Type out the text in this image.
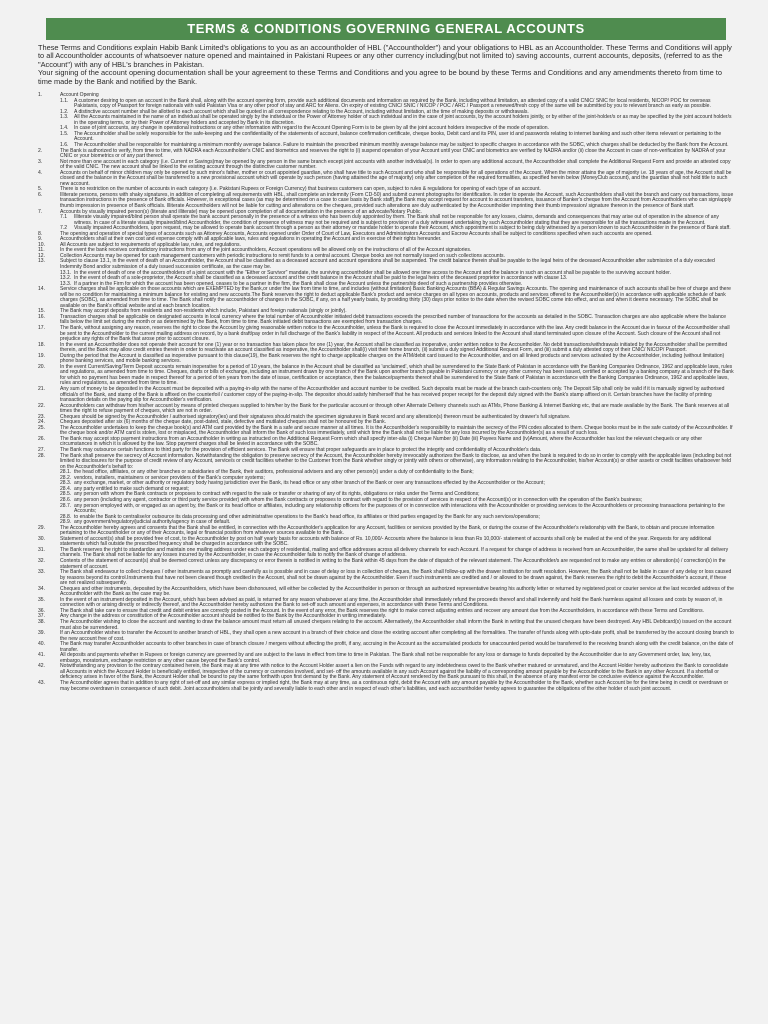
TERMS & CONDITIONS GOVERNING GENERAL ACCOUNTS

These Terms and Conditions explain Habib Bank Limited's obligations to you as an accountholder of HBL ("Accountholder") and your obligations to HBL as an Accountholder. These Terms and Conditions will apply to all Accountholder accounts of whatsoever nature opened and maintained in Pakistani Rupees or any other currency including(but not limited to) saving accounts, current accounts, deposits, (referred to as the "Account") with any of HBL's branches in Pakistan.

Your signing of the account opening documentation shall be your agreement to these Terms and Conditions and you agree to be bound by these Terms and Conditions and any amendments thereto from time to time made by the Bank and notified by the Bank.

1.	Account Opening
1.1. A customer desiring to open an account in the Bank shall, along with the account opening form, provide such additional documents and information as required by the Bank, including without limitation, an attested copy of a valid CNIC/ SNIC for local residents, NICOP/ POC for overseas Pakistanis, copy of Passport for foreign nationals with valid Pakistan Visa or any other proof of stay and ARC for Aliens. On expiry of existing CNIC/ SNIC / NICOP / POC / ARC / Passport a renewed/fresh copy of the same will be submitted by you to relevant branch as early as possible.
1.2. A distinctive account number shall be allotted to each account which shall be quoted in all correspondence relating to the Account, including without limitation, at the time of making deposits or withdrawals.
1.3. All the Accounts maintained in the name of an individual shall be operated singly by the individual or the Power of Attorney holder of such individual and in the case of joint accounts, by the account holders jointly, or by either of the joint-holder/s or as may be specified by the joint account holder/s in the operating terms, or by their Power of Attorney holders and accepted by Bank in its discretion.
1.4. In case of joint accounts, any change in operational instructions or any other information with regard to the Account Opening Form is to be given by all the joint account holders irrespective of the mode of operation.
1.5. The Accountholder shall be solely responsible for the safe-keeping and the confidentiality of the statements of account, balance confirmation certificate, cheque books, Debit card and its PIN, user id and passwords relating to internet banking and such other items relevant or pertaining to the Account.
1.6. The Accountholder shall be responsible for maintaining a minimum monthly average balance. Failure to maintain the prescribed minimum monthly average balance may be subject to specific charges in accordance with the SOBC, which charges shall be deducted by the Bank from the Account.
2.	The Bank is authorized to verify, from time to time, with NADRA each Accountholder's CNIC and biometrics and reserves the right to (i) suspend operation of your Account until your CNIC and biometrics are verified by NADRA and/or (ii) close the Account in case of non-verification by NADRA of your CNIC or your biometrics or of any part thereof.
3.	Not more than one account in each category (i.e. Current or Savings)may be opened by any person in the same branch except joint accounts with another individual(s). In order to open any additional account, the Accountholder shall complete the Additional Request Form and provide an attested copy of the valid CNIC. The new account shall be linked to the existing account through the distinctive customer number.
4.	Accounts on behalf of minor children may only be opened by such minor's father, mother or court appointed guardian, who shall have title to such Account and who shall be responsible for all operations of the Account. When the minor attains the age of majority i.e. 18 years of age, the Account shall be closed and the balance in the Account shall be transferred to a new provisional account which will operate by such person (having attained the age of majority) only after completion of the required formalities, as specified herein below (MoneyClub account), and the guardian shall not hold title to such new account.
5.	There is no restriction on the number of accounts in each category (i.e. Pakistani Rupees or Foreign Currency) that business customers can open, subject to rules & regulations for opening of each type of an account.
6.	Illiterate persons, persons with shaky signatures, in addition of completing all requirements with HBL, shall complete an indemnity (Form CD-50) and submit current photographs for identification. In order to operate the Account, such Accountholders shall visit the branch and carry out transactions, issue transaction instructions in the presence of Bank officials. However, in exceptional cases (as may be determined on a case to case basis by Bank staff),the Bank may accept request for account to account transfers, issuance of Banker's cheque from the Account from Accountholders who can sign/apply thumb impression in presence of Bank officials. Illiterate Accountholders will not be liable for cutting and alterations on the cheques, provided such alterations are duly authenticated by the Accountholder imprinting their thumb impression/ signature thereon in the presence of Bank staff.
7.	Accounts by visually impaired person(s) (literate and illiterate) may be opened upon completion of all documentation in the presence of an advocate/Notary Public.
7.1 Illiterate visually impaired/blind person shall operate the bank account personally in the presence of a witness who has been duly appointed by them. The Bank shall not be responsible for any losses, claims, demands and consequences that may arise out of operation in the absence of any witness. In case of a literate visually impaired/blind Accountholder, the condition of presence of witness may not be required and is subject to provision of a duly witnessed undertaking by such Accountholder stating that they are responsible for all the transactions made in the Account.
7.2 Visually impaired Accountholders, upon request, may be allowed to operate bank account through a person as their attorney or mandate holder to operate their Account, which appointment is subject to being duly witnessed by a person known to such Accountholder in the presence of Bank staff.
8.	The opening and operation of special types of accounts such as Attorney Accounts, Accounts opened under Order of Court of Law, Executors and Administrators Accounts and Escrow Accounts shall be subject to conditions specified when such accounts are opened.
9.	Accountholders shall at their own cost and expense comply with all applicable laws, rules and regulations in operating the Account and in exercise of their rights hereunder.
10.	All Accounts are subject to requirements of applicable law, rules, and regulations.
11.	In the event the bank receives contradictory instructions from any of the joint accountholders, Account operations will be allowed only on the instructions of all of the Account signatories.
12.	Collection Accounts may be opened for cash management customers with periodic instructions to remit funds to a central account. Cheque books are not normally issued on such collections accounts.
13.	Subject to clause 13.1, in the event of death of an Accountholder, the Account shall be classified as a deceased account and account operations shall be suspended. The credit balance therein shall be payable to the legal heirs of the deceased Accountholder after submission of a duly executed Indemnity Bond and/or submission of a duly issued succession certificate, as the case may be.
13.1. In the event of death of one of the accountholders of a joint account with the "Either or Survivor" mandate, the surviving accountholder shall be allowed one time access to the Account and the balance in such an account shall be payable to the surviving account holder.
13.2. In the event of death of a sole-proprietor, the Account shall be classified as a deceased account and the credit balance in the Account shall be paid to the legal heirs of the deceased proprietor in accordance with clause 13.
13.3. If a partner in the Firm for which the account has been opened, ceases to be a partner in the firm, the Bank shall close the Account unless the partnership deed of such a partnership provides otherwise.
14.	Service charges shall be applicable on those accounts which are EXEMPTED by the Bank,or under the law from time to time, and includes (without limitation) Basic Banking Accounts (BBA) & Regular Savings Accounts. The opening and maintenance of such accounts shall be free of charge and there will be no condition for maintaining a minimum balance for existing and new accounts.The Bank reserves the right to deduct applicable Bank's product and service charges on all types on accounts, products and services offered to the Accountholder(s) in accordance with applicable schedule of bank charges (SOBC), as amended from time to time. The Bank shall notify the accountholder of changes in the SOBC, if any, on a half yearly basis, by providing thirty (30) days prior notice to the date when the revised SOBC come into effect, and as and when it deems necessary. The SOBC shall be available on the Bank's official website and at each branch location.
15.	The Bank may accept deposits from residents and non-residents which include, Pakistani and foreign nationals (singly or jointly).
16.	Transaction charges shall be applicable on designated accounts in local currency where the total number of Accountholder initiated debit transactions exceeds the prescribed number of transactions for the accounts as detailed in the SOBC. Transaction charges are also applicable where the balance falls below the limit set during the month or as determined by the Bank, from time to time. Bank initiated debit transactions are exempted from transaction charges.
17.	The Bank, without assigning any reason, reserves the right to close the Account by giving reasonable written notice to the Accountholder, unless the Bank is required to close the Account immediately in accordance with the law. Any credit balance in the Account due in favour of the Accountholder shall be sent to the Accountholder to the current mailing address on record, by a bank draft/pay order in full discharge of the Bank's liability in respect of the Account. All products and services linked to the Account shall stand terminated upon closure of the Account. Such closure of the Account shall not prejudice any rights of the Bank that arose prior to account closure.
18.	In the event an Accountholder does not operate their account for one (1) year or no transaction has taken place for one (1) year, the Account shall be classified as inoperative, under written notice to the Accountholder. No debit transactions/withdrawals initiated by the Accountholder shall be permitted therein, and the Bank may allow credit entries therein in order to reactivate an account classified as inoperative, the Accountholder shall(i) visit their home branch, (ii) submit a duly signed Additional Request Form, and (iii) submit a duly attested copy of their CNIC/ NICOP/ Passport.
19.	During the period that the Account is classified as inoperative pursuant to this clause(19), the Bank reserves the right to charge applicable charges on the ATM/debit card issued to the Accountholder, and on all linked products and services activated by the Accountholder, including (without limitation) phone banking services, and mobile banking services.
20.	In the event Current/Saving/Term Deposit accounts remain inoperative for a period of 10 years, the balance in the Account shall be classified as 'unclaimed', which shall be surrendered to the State Bank of Pakistan in accordance with the Banking Companies Ordinance, 1962 and applicable laws, rules and regulations, as amended from time to time. Cheques, drafts or bills of exchange, including an instrument drawn by one branch of the Bank upon another branch payable in Pakistani currency or any other currency has been issued, certified or accepted by a banking company at a branch of the Bank for which no payment has been made in respect thereof for a period of ten years from the date of issue, certification or acceptance, then the balance/payments thereof shall be surrendered to the State Bank of Pakistan in accordance with the Banking Companies Ordinance, 1962 and applicable laws, rules and regulations, as amended from time to time.
21.	Any sum of money to be deposited in the Account must be deposited with a paying-in-slip with the name of the Accountholder and account number to be credited. Such deposits must be made at the branch cash-counters only. The Deposit Slip shall only be valid if it is manually signed by authorised official/s of the Bank, and stamp of the Bank is affixed on the counterfoil / customer copy of the paying-in-slip. The depositor should satisfy him/herself that he has received proper receipt for the deposit duly signed with the Bank's stamp affixed on it. Certain branches have the facility of printing transaction details on the paying slip for Accountholder's verification.
22.	Accountholders can withdraw from his/her account by means of printed cheques supplied to him/her by the Bank for the particular account or through other Alternate Delivery channels such as ATMs, Phone Banking & Internet Banking etc, that are made available by the Bank. The Bank reserves at all times the right to refuse payment of cheques, which are not in order.
23.	Cheques should be signed by the Accountholder / authorised signatory(ies) and their signatures should match the specimen signatures in Bank record and any alteration(s) thereon must be authenticated by drawer's full signature.
24.	Cheques deposited after six (6) months of the cheque date, post-dated, stale, defective and mutilated cheques shall not be honoured by the Bank.
25.	The Accountholder undertakes to keep the cheque book(s) and ATM card provided by the Bank in a safe and secure manner at all times. It is the Accountholder's responsibility to maintain the secrecy of the PIN codes allocated to them. Cheque books must be in the safe custody of the Accountholder. If the cheque book and/or ATM card is stolen, lost or misplaced, the Accountholder shall inform the Bank of such loss immediately, until which time the Bank shall not be liable for any loss incurred by the Accountholder(s) as a result of such loss.
26.	The Bank may accept stop payment instructions from an Accountholder in writing as instructed on the Additional Request Form which shall specify inter-alia (i) Cheque Number (ii) Date (iii) Payees Name and (iv)Amount, where the Accountholder has lost the relevant cheque/s or any other circumstances in which it is allowed by the law. Stop payment charges shall be levied in accordance with the SOBC.
27.	The Bank may outsource certain functions to third party for the provision of efficient services. The Bank will ensure that proper safeguards are in place to protect the integrity and confidentiality of Accountholder's data.
28.	The Bank shall preserve the secrecy of Account information. Notwithstanding the obligation to preserve secrecy of the Account, the Accountholder hereby irrevocably authorizes the Bank to disclose, as and when the bank is required to do so in order to comply with the applicable laws (including but not limited to disclosures for the purpose of credit review of any Account, service/s or credit facilities whether to the Customer from the Bank whether singly or jointly with others or otherwise), any information relating to the Accountholder, his/her Account(s) or other assets or credit facilities whatsoever held on the Accountholder's behalf to:
28.1. the head office, affiliates, or any other branches or subsidiaries of the Bank, their auditors, professional advisers and any other person(s) under a duty of confidentiality to the Bank;
28.2. vendors, installers, maintainers or servicer providers of the Bank's computer systems;
28.3. any exchange, market, or other authority or regulatory body having jurisdiction over the Bank, its head office or any other branch of the Bank or over any transactions effected by the Accountholder or the Account;
28.4. any party entitled to make such demand or request;
28.5. any person with whom the Bank contracts or proposes to contract with regard to the sale or transfer or sharing of any of its rights, obligations or risks under the Terms and Conditions;
28.6. any person (including any agent, contractor or third party service provider) with whom the Bank contracts or proposes to contract with regard to the provision of services in respect of the Account(s) or in connection with the operation of the Bank's business;
28.7. any person employed with, or engaged as an agent by, the Bank or its head office or affiliates, including any relationship officers for the purposes of or in connection with interactions with the Accountholder or providing services to the Accountholders or processing transactions pertaining to the Accounts;
28.8. to enable the Bank to centralise/or outsource its data processing and other administrative operations to the Bank's head office, its affiliates or third parties engaged by the Bank for any such services/operations;
28.9. any government/regulatory/judicial authority/agency in case of default.
29.	The Accountholder hereby agrees and consents that the Bank shall be entitled, in connection with the Accountholder's application for any Account, facilities or services provided by the Bank, or during the course of the Accountholder's relationship with the Bank, to obtain and procure information pertaining to the Accountholder or any of their Accounts, legal or financial position from whatever sources available to the Bank.
30.	Statement of account(s) shall be provided free of cost, to the Accountholder by post on half yearly basis for accounts with balance of Rs. 10,000/- Accounts where the balance is less than Rs 10,000/- statement of accounts shall only be mailed at the end of the year. Requests for any additional statements which fall outside the prescribed frequency shall be charged in accordance with the SOBC.
31.	The Bank reserves the right to standardize and maintain one mailing address under each category of residential, mailing and office addresses across all delivery channels for each Account. If a request for change of address is received from an Accountholder, the same shall be updated for all delivery channels. The Bank shall not be liable for any losses incurred by the Accountholder, in case the Accountholder fails to notify the Bank of change of address.
32.	Contents of the statement of account(s) shall be deemed correct unless any discrepancy or error therein is notified in writing to the Bank within 45 days from the date of dispatch of the relevant statement. The Accountholder/s are requested not to make any entries or alteration(s) / correction(s) in the statement of account.
33.	The Bank shall endeavour to collect cheques / other instruments as promptly and carefully as is possible and in case of delay or loss in collection of cheques, the Bank shall follow-up with the drawer institution for swift resolution. However, the Bank shall not be liable in case of any delay or loss caused by reasons beyond its control.Instruments that have not been cleared though credited in the Account, shall not be drawn against by the Accountholder. Even if such instruments are credited and / or allowed to be drawn against, the Bank reserves the right to debit the Accountholder's account, if these are not realized subsequently.
34.	Cheques and other instruments, deposited by the Accountholders, which have been dishonoured, will either be collected by the Accountholder in person or through an authorized representative bearing his authority letter or returned by registered post or courier service at the last recorded address of the Accountholder with the Bank as the case may be.
35.	In the event of an instrument deposited in the Account, which has been advised as paid, is returned for any reason whatsoever at any time, the Accountholder shall immediately refund the proceeds thereof and shall indemnify and hold the Bank harmless against all losses and costs by reason of, in connection with or arising directly or indirectly thereof, and the Accountholder hereby authorizes the Bank to set-off such amount and expenses, in accordance with these Terms and Conditions.
36.	The Bank shall take care to ensure that credit and debit entries are correctly posted in the Account. In the event of any error, the Bank reserves the right to make correct adjusting entries and recover any amount due from the Accountholders, in accordance with these Terms and Conditions.
37.	Any change in the address or constitution of the Accountholder account should be notified to the Bank by the Accountholder in writing immediately.
38.	The Accountholder wishing to close the account and wanting to draw the balance amount must return all unused cheques relating to the account. Alternatively, the Accountholder shall inform the Bank in writing that the unused cheques have been destroyed. Any HBL Debitcard(s) issued on the account must also be surrendered.
39.	If an Accountholder wishes to transfer the Account to another branch of HBL, they shall open a new account in a branch of their choice and close the existing account after completing all the formalities. The transfer of funds along with upto-date profit, shall be transferred by the account closing branch to the new account free of cost.
40.	The Bank may transfer Accountholder accounts to other branches in case of branch closure / mergers without affecting the profit, if any, accruing in the Account as the accumulated products for unaccounted period would be transferred to the receiving branch along with the credit balance, on the date of transfer.
41.	All deposits and payments whether in Rupees or foreign currency are governed by and are subject to the laws in effect from time to time in Pakistan. The Bank shall not be responsible for any loss or damage to funds deposited by the Accountholder due to any Government order, law, levy, tax, embargo, moratorium, exchange restriction or any other cause beyond the Bank's control.
42.	Notwithstanding any provision to the contrary contained herein, the Bank may at any time with notice to the Account Holder assert a lien on the Funds with regard to any indebtedness owed to the Bank whether matured or unmatured, and the Account Holder hereby authorizes the Bank to consolidate all Accounts in which the Account Holder is beneficially entitled, irrespective of the currency or currencies involved, and set- off the amounts available in any such Account against the liability of a corresponding amount payable by the Accountholder to the Bank in any other Account. If a shortfall or deficiency arises in favor of the Bank, the Account Holder shall be bound to pay the same forthwith upon first demand by the Bank. Any statement of Account rendered by the Bank pursuant to this shall, in the absence of any manifest error be conclusive evidence against the Accountholder.
43.	The Accountholder agrees that in addition to any right of set-off and any similar express or implied right, the Bank may at any time, as a continuous right, debit the Account with any amount payable by the Accountholder to the Bank, whether such Account be for the time being in credit or overdrawn or may become overdrawn in consequence of such debit. Joint accountholders shall be jointly and severally liable to each other and in respect of each other's liabilities, and each accountholder hereby agrees to guarantee the obligations of the other holder of such joint account.
